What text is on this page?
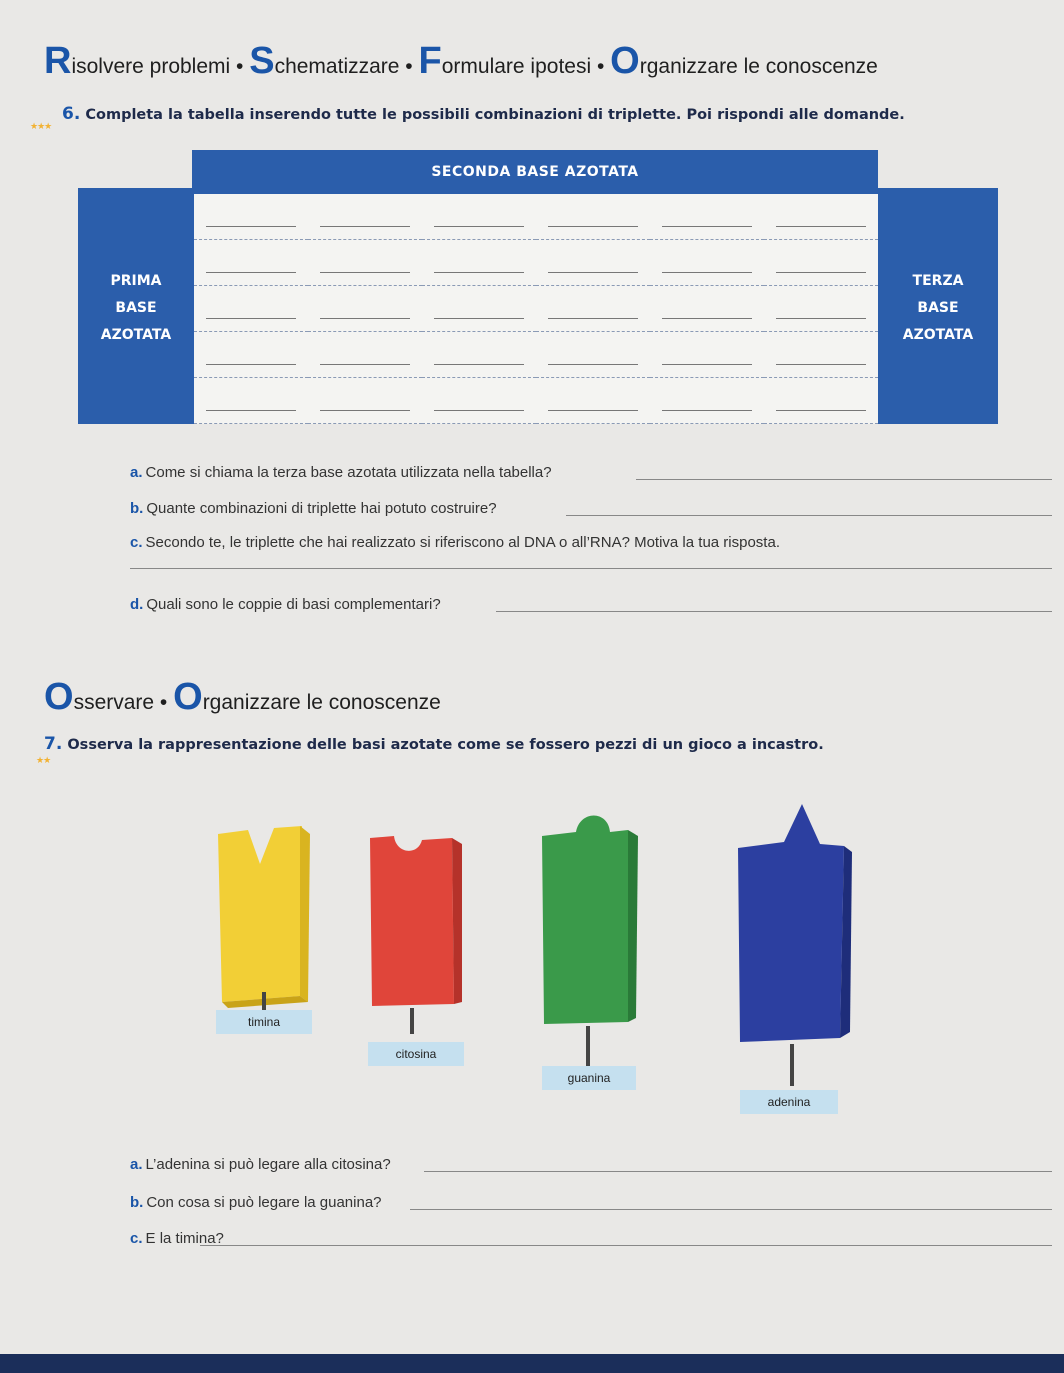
Risolvere problemi • Schematizzare • Formulare ipotesi • Organizzare le conoscenze
6. Completa la tabella inserendo tutte le possibili combinazioni di triplette. Poi rispondi alle domande.
★★★
SECONDA BASE AZOTATA
PRIMA
BASE
AZOTATA
TERZA
BASE
AZOTATA
a. Come si chiama la terza base azotata utilizzata nella tabella?
b. Quante combinazioni di triplette hai potuto costruire?
c. Secondo te, le triplette che hai realizzato si riferiscono al DNA o all’RNA? Motiva la tua risposta.
d. Quali sono le coppie di basi complementari?
Osservare • Organizzare le conoscenze
7. Osserva la rappresentazione delle basi azotate come se fossero pezzi di un gioco a incastro.
★★
timina
citosina
guanina
adenina
a. L’adenina si può legare alla citosina?
b. Con cosa si può legare la guanina?
c. E la timina?
